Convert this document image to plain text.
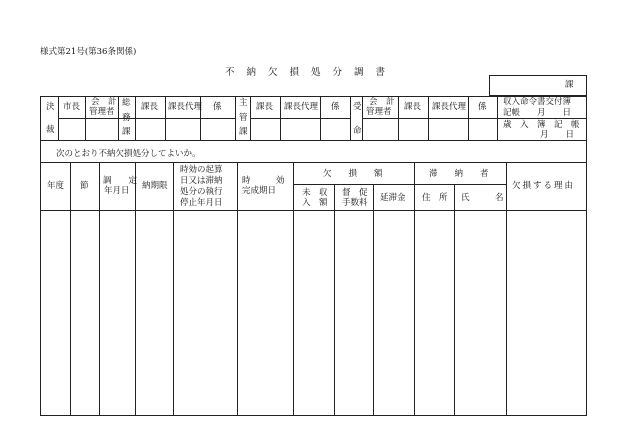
様式第21号(第36条関係)
不納欠損処分調書
課
決
裁
市長 会　計
管理者
総
務
課
課長 課長代理 係 主
管
課
課長 課長代理 係 受
命
会　計
管理者 課長 課長代理 係 収入命令書交付簿
記帳　　月　　日
歳　入　簿　記　帳
月　　日
次のとおり不納欠損処分してよいか。
年度 節 調　　定
年月日 納期限
時効の起算
日又は滞納
処分の執行
停止年月日
時　　　効
完成期日
欠　　損　　額
未　収
入　額
督　促
手数料 延滞金
滞　　納　　者
住　所 氏　　　名
欠損する理由
